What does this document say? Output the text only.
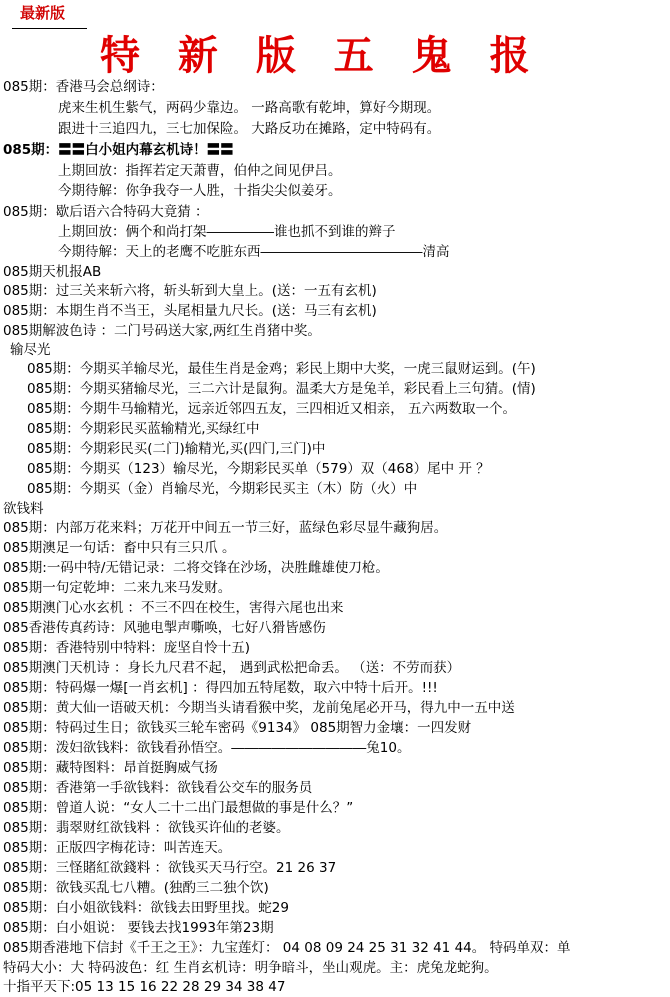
最新版
特 新 版 五 鬼 报
085期：香港马会总纲诗：
虎来生机生紫气，两码少靠边。 一路高歌有乾坤，算好今期现。
跟进十三追四九，三七加保险。 大路反功在摊路，定中特码有。
085期：〓〓白小姐内幕玄机诗！〓〓
上期回放：指挥若定天萧曹，伯仲之间见伊吕。
今期待解：你争我夺一人胜，十指尖尖似姜牙。
085期：歇后语六合特码大竟猜 ：
上期回放：俩个和尚打架―――――谁也抓不到谁的辫子
今期待解：天上的老鹰不吃脏东西――――――――――――清高
085期天机报AB
085期：过三关来斩六将，斩头斩到大皇上。(送：一五有玄机)
085期：本期生肖不当王，头尾相量九尺长。(送：马三有玄机)
085期解波色诗 ：二门号码送大家,两红生肖猪中奖。
输尽光
085期：今期买羊输尽光，最佳生肖是金鸡；彩民上期中大奖，一虎三鼠财运到。(午)
085期：今期买猪输尽光，三二六计是鼠狗。温柔大方是兔羊，彩民看上三句猜。(情)
085期：今期牛马输精光，远亲近邻四五友，三四相近又相亲， 五六两数取一个。
085期：今期彩民买蓝输精光,买绿红中
085期：今期彩民买(二门)输精光,买(四门,三门)中
085期：今期买（123）输尽光，今期彩民买单（579）双（468）尾中 开 ？
085期：今期买（金）肖输尽光，今期彩民买主（木）防（火）中
欲钱料
085期：内部万花来料；万花开中间五一节三好，蓝绿色彩尽显牛藏狗居。
085期澳足一句话：畜中只有三只爪 。
085期:一码中特/无错记录：二将交锋在沙场，决胜雌雄使刀枪。
085期一句定乾坤：二来九来马发财。
085期澳门心水玄机 ：不三不四在校生，害得六尾也出来
085香港传真药诗：风驰电掣声嘶唤，七好八猾皆感伤
085期：香港特别中特料：庞坚自怜十五)
085期澳门天机诗 ：身长九尺君不起， 遇到武松把命丢。 （送：不劳而获）
085期：特码爆一爆[一肖玄机] ：得四加五特尾数，取六中特十后开。!!!
085期：黄大仙一语破天机：今期当头请看猴中奖，龙前兔尾必开马，得九中一五中送
085期：特码过生日；欲钱买三轮车密码《9134》 085期智力金壤：一四发财
085期：泼妇欲钱料：欲钱看孙悟空。――――――――――兔10。
085期：藏特图料：昂首挺胸威气扬
085期：香港第一手欲钱料：欲钱看公交车的服务员
085期：曾道人说：“女人二十二出门最想做的事是什么？”
085期：翡翠财红欲钱料 ：欲钱买许仙的老婆。
085期：正版四字梅花诗：叫苦连天。
085期：三怪賭紅欲錢料 ：欲钱买天马行空。21 26 37
085期：欲钱买乱七八糟。(独酌三二独个饮)
085期：白小姐欲钱料：欲钱去田野里找。蛇29
085期：白小姐说： 要钱去找1993年第23期
085期香港地下信封《千王之王》：九宝莲灯： 04 08 09 24 25 31 32 41 44。 特码单双：单
特码大小：大 特码波色：红 生肖玄机诗：明争暗斗，坐山观虎。主：虎兔龙蛇狗。
十指平天下:05 13 15 16 22 28 29 34 38 47
